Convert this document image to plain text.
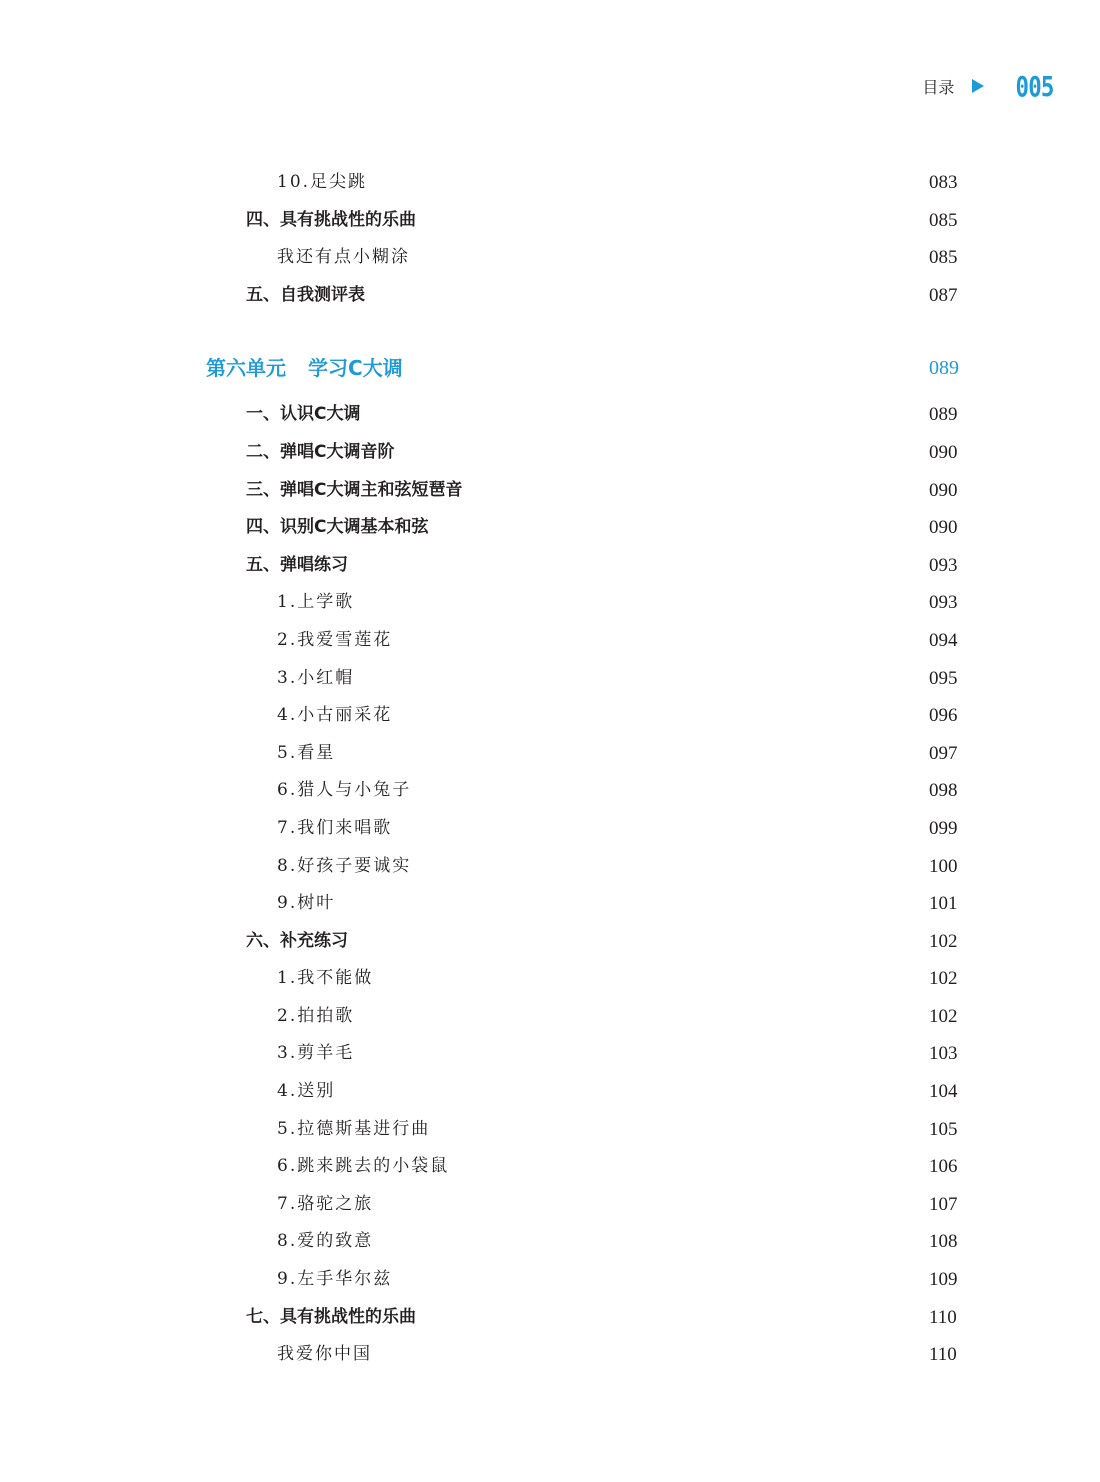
目录 005
10.足尖跳	083
四、具有挑战性的乐曲	085
我还有点小糊涂	085
五、自我测评表	087
第六单元 学习C大调	089
一、认识C大调	089
二、弹唱C大调音阶	090
三、弹唱C大调主和弦短琶音	090
四、识别C大调基本和弦	090
五、弹唱练习	093
1.上学歌	093
2.我爱雪莲花	094
3.小红帽	095
4.小古丽采花	096
5.看星	097
6.猎人与小兔子	098
7.我们来唱歌	099
8.好孩子要诚实	100
9.树叶	101
六、补充练习	102
1.我不能做	102
2.拍拍歌	102
3.剪羊毛	103
4.送别	104
5.拉德斯基进行曲	105
6.跳来跳去的小袋鼠	106
7.骆驼之旅	107
8.爱的致意	108
9.左手华尔兹	109
七、具有挑战性的乐曲	110
我爱你中国	110
